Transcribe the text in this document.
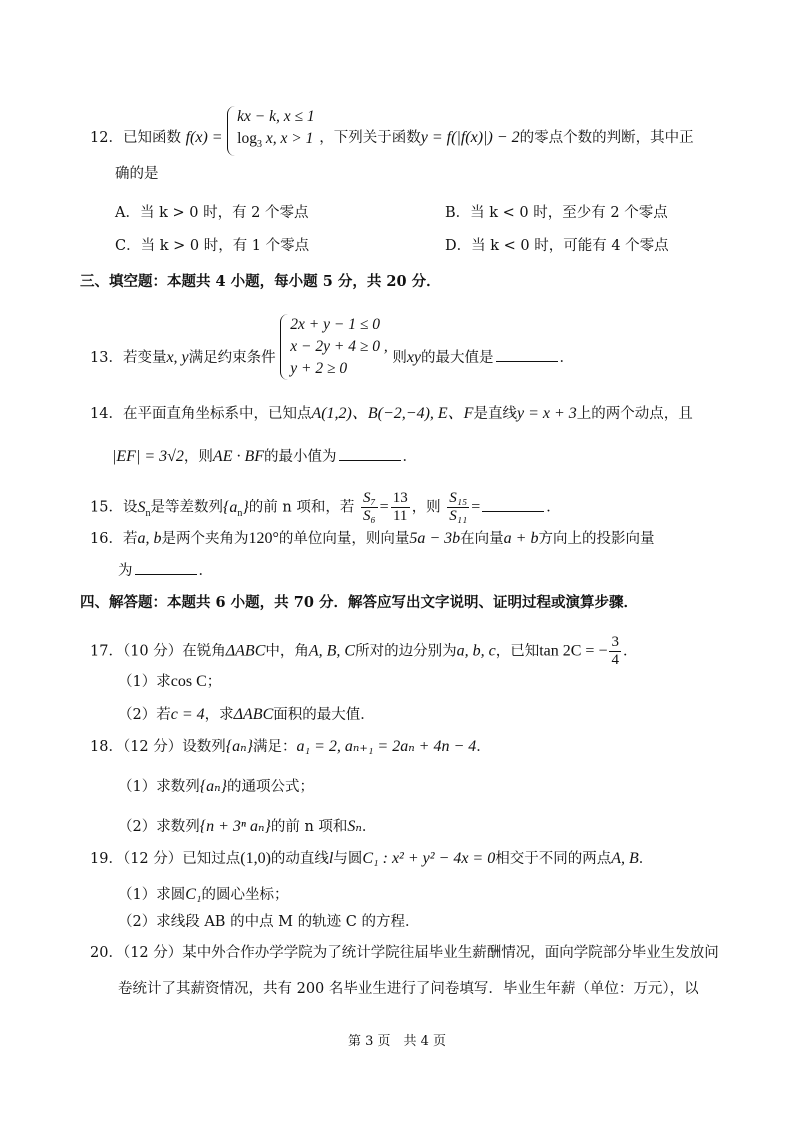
12．已知函数 f(x) =
kx − k, x ≤ 1
$\log_3 x$, x > 1 ，下列关于函数y = f(|f(x)|) − 2的零点个数的判断，其中正
确的是
A．当 k > 0 时，有 2 个零点	B．当 k < 0 时，至少有 2 个零点
C．当 k > 0 时，有 1 个零点	D．当 k < 0 时，可能有 4 个零点
三、填空题：本题共 4 小题，每小题 5 分，共 20 分．
13．若变量x, y满足约束条件
2x + y − 1 ≤ 0
x − 2y + 4 ≥ 0 ,
y + 2 ≥ 0
则xy的最大值是	．
14．在平面直角坐标系中，已知点A(1,2)、B(−2,−4), E、F是直线y = x + 3上的两个动点，且
|EF| = 3√2，则AE · BF的最小值为	．
15．设$S_n$是等差数列$\{a_n\}$的前 n 项和，若 $\frac{\text{S₇}}{\text{S₆}} = \frac{13}{11}$ ，则 $\frac{\text{S₁₅}}{\text{S₁₁}}$ =	．
16．若a, b是两个夹角为120°的单位向量，则向量5a − 3b在向量a + b方向上的投影向量
为	．
四、解答题：本题共 6 小题，共 70 分．解答应写出文字说明、证明过程或演算步骤．
17．（10 分）在锐角ΔABC中，角A, B, C所对的边分别为a, b, c，已知tan 2C = − $\frac{3}{4}$ ．
（1）求cos C；
（2）若c = 4，求ΔABC面积的最大值．
18．（12 分）设数列{aₙ}满足：a₁ = 2, aₙ₊₁ = 2aₙ + 4n − 4．
（1）求数列{aₙ}的通项公式；
（2）求数列{n + 3ⁿ aₙ}的前 n 项和Sₙ．
19．（12 分）已知过点(1,0)的动直线l与圆C₁ : x² + y² − 4x = 0相交于不同的两点A, B．
（1）求圆C₁的圆心坐标；
（2）求线段 AB 的中点 M 的轨迹 C 的方程．
20．（12 分）某中外合作办学学院为了统计学院往届毕业生薪酬情况，面向学院部分毕业生发放问
卷统计了其薪资情况，共有 200 名毕业生进行了问卷填写．毕业生年薪（单位：万元），以
第 3 页　共 4 页
